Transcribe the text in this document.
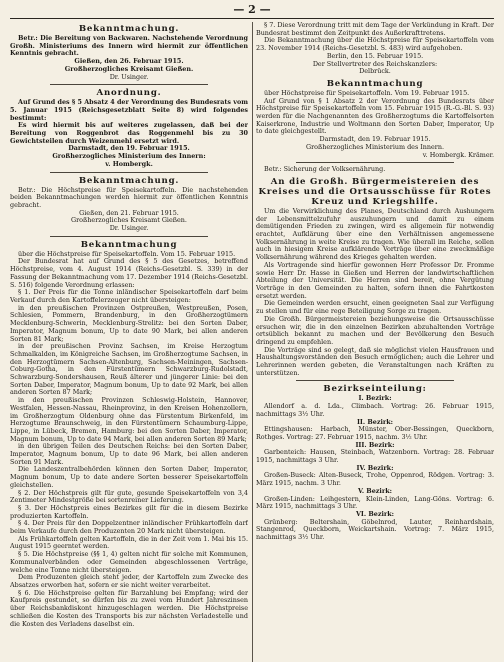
— 2 —
Bekanntmachung.

Betr.: Die Bereitung von Backwaren. Nachstehende Verordnung Großh. Ministeriums des Innern wird hiermit zur öffentlichen Kenntnis gebracht.

Gießen, den 26. Februar 1915.

Großherzogliches Kreisamt Gießen.

Dr. Usinger.

Anordnung.

Auf Grund des § 5 Absatz 4 der Verordnung des Bundesrats vom 5. Januar 1915 (Reichsgesetzblatt Seite 8) wird folgendes bestimmt:

Es wird hiermit bis auf weiteres zugelassen, daß bei der Bereitung von Roggenbrot das Roggenmehl bis zu 30 Gewichtsteilen durch Weizenmehl ersetzt wird.

Darmstadt, den 19. Februar 1915.

Großherzogliches Ministerium des Innern:

v. Hombergk.

Bekanntmachung.

Betr.: Die Höchstpreise für Speisekartoffeln. Die nachstehenden beiden Bekanntmachungen werden hiermit zur öffentlichen Kenntnis gebracht.

Gießen, den 21. Februar 1915.

Großherzogliches Kreisamt Gießen.

Dr. Usinger.

Bekanntmachung

über die Höchstpreise für Speisekartoffeln. Vom 15. Februar 1915.

Der Bundesrat hat auf Grund des § 5 des Gesetzes, betreffend Höchstpreise, vom 4. August 1914 (Reichs-Gesetzbl. S. 339) in der Fassung der Bekanntmachung vom 17. Dezember 1914 (Reichs-Gesetzbl. S. 516) folgende Verordnung erlassen:

§ 1. Der Preis für die Tonne inländischer Speisekartoffeln darf beim Verkauf durch den Kartoffelerzeuger nicht übersteigen:

in den preußischen Provinzen Ostpreußen, Westpreußen, Posen, Schlesien, Pommern, Brandenburg, in den Großherzogtümern Mecklenburg-Schwerin, Mecklenburg-Strelitz: bei den Sorten Daber, Imperator, Magnum bonum, Up to date 90 Mark, bei allen anderen Sorten 81 Mark;

in der preußischen Provinz Sachsen, im Kreise Herzogtum Schmalkalden, im Königreiche Sachsen, im Großherzogtume Sachsen, in den Herzogtümern Sachsen-Altenburg, Sachsen-Meiningen, Sachsen-Coburg-Gotha, in den Fürstentümern Schwarzburg-Rudolstadt, Schwarzburg-Sondershausen, Reuß älterer und jüngerer Linie: bei den Sorten Daber, Imperator, Magnum bonum, Up to date 92 Mark, bei allen anderen Sorten 87 Mark;

in den preußischen Provinzen Schleswig-Holstein, Hannover, Westfalen, Hessen-Nassau, Rheinprovinz, in den Kreisen Hohenzollern, im Großherzogtum Oldenburg ohne das Fürstentum Birkenfeld, im Herzogtume Braunschweig, in den Fürstentümern Schaumburg-Lippe, Lippe, in Lübeck, Bremen, Hamburg: bei den Sorten Daber, Imperator, Magnum bonum, Up to date 94 Mark, bei allen anderen Sorten 89 Mark;

in den übrigen Teilen des Deutschen Reichs: bei den Sorten Daber, Imperator, Magnum bonum, Up to date 96 Mark, bei allen anderen Sorten 91 Mark.

Die Landeszentralbehörden können den Sorten Daber, Imperator, Magnum bonum, Up to date andere Sorten besserer Speisekartoffeln gleichstellen.

§ 2. Der Höchstpreis gilt für gute, gesunde Speisekartoffeln von 3,4 Zentimeter Mindestgröße bei sortenreiner Lieferung.

§ 3. Der Höchstpreis eines Bezirkes gilt für die in diesem Bezirke produzierten Kartoffeln.

§ 4. Der Preis für den Doppelzentner inländischer Frühkartoffeln darf beim Verkaufe durch den Produzenten 20 Mark nicht übersteigen.

Als Frühkartoffeln gelten Kartoffeln, die in der Zeit vom 1. Mai bis 15. August 1915 geerntet werden.

§ 5. Die Höchstpreise (§§ 1, 4) gelten nicht für solche mit Kommunen, Kommunalverbänden oder Gemeinden abgeschlossenen Verträge, welche eine Tonne nicht übersteigen.

Dem Produzenten gleich steht jeder, der Kartoffeln zum Zwecke des Absatzes erworben hat, sofern er sie nicht weiter verarbeitet.

§ 6. Die Höchstpreise gelten für Barzahlung bei Empfang; wird der Kaufpreis gestundet, so dürfen bis zu zwei vom Hundert Jahreszinsen über Reichsbankdiskont hinzugeschlagen werden. Die Höchstpreise schließen die Kosten des Transports bis zur nächsten Verladestelle und die Kosten des Verladens daselbst ein.

§ 7. Diese Verordnung tritt mit dem Tage der Verkündung in Kraft. Der Bundesrat bestimmt den Zeitpunkt des Außerkrafttretens.

Die Bekanntmachung über die Höchstpreise für Speisekartoffeln vom 23. November 1914 (Reichs-Gesetzbl. S. 483) wird aufgehoben.

Berlin, den 15. Februar 1915.

Der Stellvertreter des Reichskanzlers:

Delbrück.

Bekanntmachung

über Höchstpreise für Speisekartoffeln. Vom 19. Februar 1915.

Auf Grund von § 1 Absatz 2 der Verordnung des Bundesrats über Höchstpreise für Speisekartoffeln vom 15. Februar 1915 (R.-G.-Bl. S. 93) werden für die Nachgenannten des Großherzogtums die Kartoffelsorten Kaiserkrone, Industrie und Woltmann den Sorten Daber, Imperator, Up to date gleichgestellt.

Darmstadt, den 19. Februar 1915.

Großherzogliches Ministerium des Innern.

v. Hombergk. Krämer.

Betr.: Sicherung der Volksernährung.

An die Großh. Bürgermeistereien des Kreises und die Ortsausschüsse für Rotes Kreuz und Kriegshilfe.

Um die Verwirklichung des Planes, Deutschland durch Aushungern der Lebensmittelzufuhr auszuhungern und damit zu einem demütigenden Frieden zu zwingen, wird es allgemein für notwendig erachtet, Aufklärung über eine den Verhältnissen angemessene Volksernährung in weite Kreise zu tragen. Wie überall im Reiche, sollen auch in hiesigem Kreise aufklärende Vorträge über eine zweckmäßige Volksernährung während des Krieges gehalten werden.

Als Vortragende sind hierfür gewonnen Herr Professor Dr. Fromme sowie Herr Dr. Hasse in Gießen und Herren der landwirtschaftlichen Abteilung der Universität. Die Herren sind bereit, ohne Vergütung Vorträge in den Gemeinden zu halten, sofern ihnen die Fahrtkosten ersetzt werden.

Die Gemeinden werden ersucht, einen geeigneten Saal zur Verfügung zu stellen und für eine rege Beteiligung Sorge zu tragen.

Die Großh. Bürgermeistereien beziehungsweise die Ortsausschüsse ersuchen wir, die in den einzelnen Bezirken abzuhaltenden Vorträge ortsüblich bekannt zu machen und der Bevölkerung den Besuch dringend zu empfehlen.

Die Vorträge sind so gelegt, daß sie möglichst vielen Hausfrauen und Haushaltungsvorständen den Besuch ermöglichen; auch die Lehrer und Lehrerinnen werden gebeten, die Veranstaltungen nach Kräften zu unterstützen.

Bezirkseinteilung:

I. Bezirk:

Allendorf a. d. Lda., Climbach. Vortrag: 26. Februar 1915, nachmittags 3½ Uhr.

II. Bezirk:

Ettingshausen: Harbach, Münster, Ober-Bessingen, Queckborn, Rothges. Vortrag: 27. Februar 1915, nachm. 3½ Uhr.

III. Bezirk:

Garbenteich: Hausen, Steinbach, Watzenborn. Vortrag: 28. Februar 1915, nachmittags 3 Uhr.

IV. Bezirk:

Großen-Buseck: Alten-Buseck, Trohe, Oppenrod, Rödgen. Vortrag: 3. März 1915, nachm. 3 Uhr.

V. Bezirk:

Großen-Linden: Leihgestern, Klein-Linden, Lang-Göns. Vortrag: 6. März 1915, nachmittags 3 Uhr.

VI. Bezirk:

Grünberg: Beltershain, Göbelnrod, Lauter, Reinhardshain, Stangenrod, Queckborn, Weickartshain. Vortrag: 7. März 1915, nachmittags 3½ Uhr.
